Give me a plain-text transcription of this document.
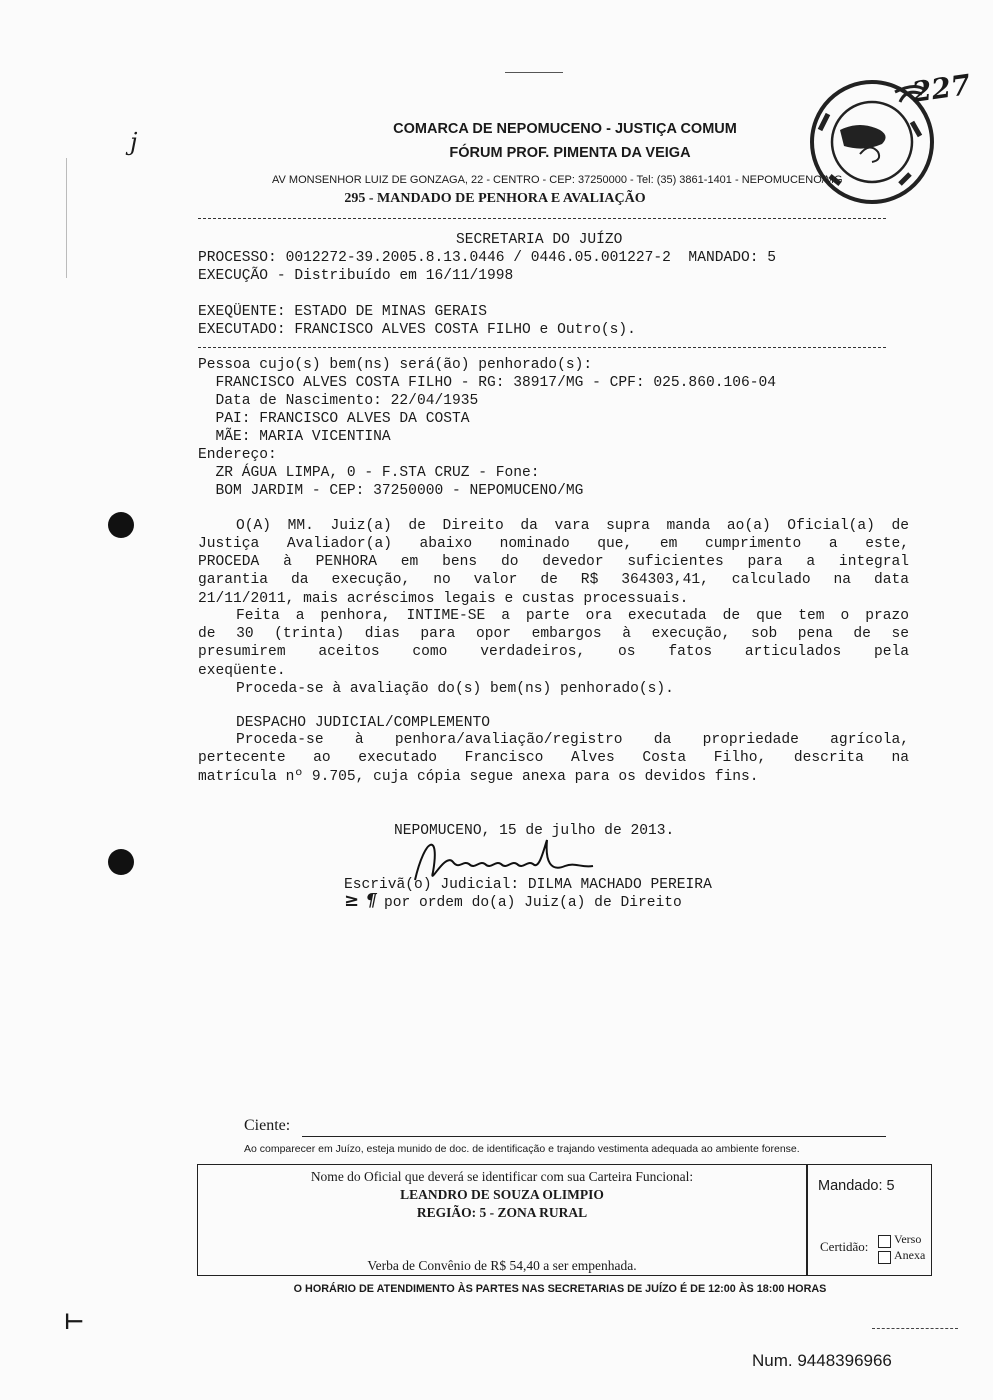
227
j	COMARCA DE NEPOMUCENO - JUSTIÇA COMUM
FÓRUM PROF. PIMENTA DA VEIGA
AV MONSENHOR LUIZ DE GONZAGA, 22 - CENTRO - CEP: 37250000 - Tel: (35) 3861-1401 - NEPOMUCENO/MG
295 - MANDADO DE PENHORA E AVALIAÇÃO
SECRETARIA DO JUÍZO
PROCESSO: 0012272-39.2005.8.13.0446 / 0446.05.001227-2  MANDADO: 5
EXECUÇÃO - Distribuído em 16/11/1998
EXEQÜENTE: ESTADO DE MINAS GERAIS
EXECUTADO: FRANCISCO ALVES COSTA FILHO e Outro(s).
Pessoa cujo(s) bem(ns) será(ão) penhorado(s):
FRANCISCO ALVES COSTA FILHO - RG: 38917/MG - CPF: 025.860.106-04
Data de Nascimento: 22/04/1935
PAI: FRANCISCO ALVES DA COSTA
MÃE: MARIA VICENTINA
Endereço:
ZR ÁGUA LIMPA, 0 - F.STA CRUZ - Fone:
BOM JARDIM - CEP: 37250000 - NEPOMUCENO/MG
O(A) MM. Juiz(a) de Direito da vara supra manda ao(a) Oficial(a) de
Justiça Avaliador(a) abaixo nominado que, em cumprimento a este,
PROCEDA à PENHORA em bens do devedor suficientes para a integral
garantia da execução, no valor de R$ 364303,41, calculado na data
21/11/2011, mais acréscimos legais e custas processuais.
Feita a penhora, INTIME-SE a parte ora executada de que tem o prazo
de 30 (trinta) dias para opor embargos à execução, sob pena de se
presumirem aceitos como verdadeiros, os fatos articulados pela
exeqüente.
Proceda-se à avaliação do(s) bem(ns) penhorado(s).
DESPACHO JUDICIAL/COMPLEMENTO
Proceda-se à penhora/avaliação/registro da propriedade agrícola,
pertecente ao executado Francisco Alves Costa Filho, descrita na
matrícula nº 9.705, cuja cópia segue anexa para os devidos fins.
NEPOMUCENO, 15 de julho de 2013.
Escrivã(o) Judicial: DILMA MACHADO PEREIRA
≥ ¶ por ordem do(a) Juiz(a) de Direito
Ciente:
Ao comparecer em Juízo, esteja munido de doc. de identificação e trajando vestimenta adequada ao ambiente forense.
Nome do Oficial que deverá se identificar com sua Carteira Funcional:
LEANDRO DE SOUZA OLIMPIO
REGIÃO: 5 - ZONA RURAL
Verba de Convênio de R$ 54,40 a ser empenhada.
Mandado: 5
Certidão: Verso
Anexa
O HORÁRIO DE ATENDIMENTO ÀS PARTES NAS SECRETARIAS DE JUÍZO É DE 12:00 ÀS 18:00 HORAS
⊢
Num. 9448396966
